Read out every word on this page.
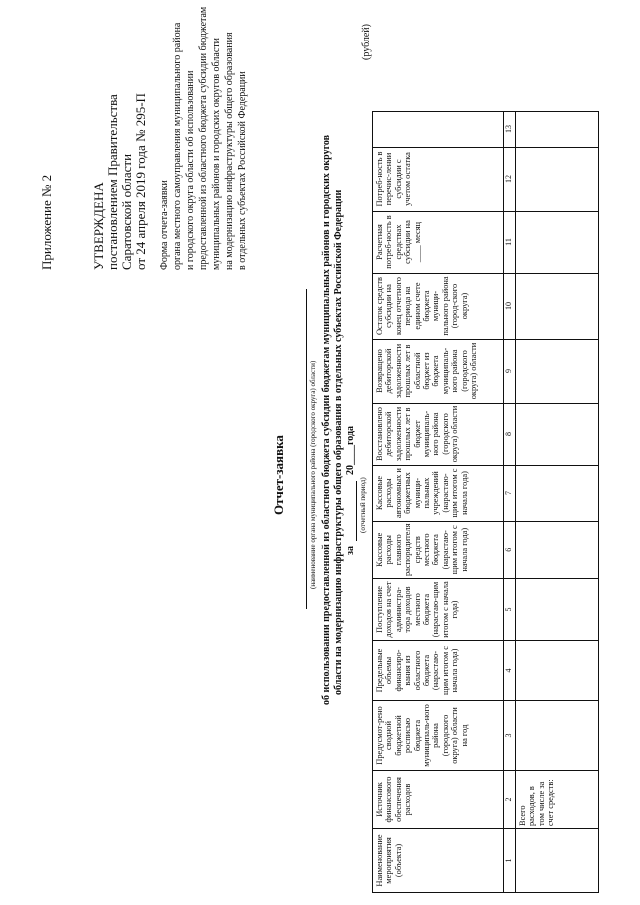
Приложение № 2	УТВЕРЖДЕНА постановлением Правительства Саратовской области от 24 апреля 2019 года № 295-П Форма отчета-заявки органа местного самоуправления муниципального района и городского округа области об использовании предоставленной из областного бюджета субсидии бюджетам муниципальных районов и городских округов области на модернизацию инфраструктуры общего образования в отдельных субъектах Российской Федерации
Отчет-заявка	(наименование органа муниципального района (городского округа) области) об использовании предоставленной из областного бюджета субсидии бюджетам муниципальных районов и городских округов области на модернизацию инфраструктуры общего образования в отдельных субъектах Российской Федерации за
20____года
(отчетный период)
(рублей)
Наименование мероприятия (объекта)	Источник финансового обеспечения расходов	Предусмот-рено сводной бюджетной росписью бюджета муниципаль-ного района (городского округа) области на год	Предельные объемы финансиро-вания из областного бюджета (нарастаю-щим итогом с начала года)	Поступление доходов на счет администра-тора доходов местного бюджета (нарастаю-щим итогом с начала года)	Кассовые расходы главного распорядителя средств местного бюджета (нарастаю-щим итогом с начала года)	Кассовые расходы автономных и бюджетных муници-пальных учреждений (нарастаю-щим итогом с начала года)	Восстановлено дебиторской задолженности прошлых лет в бюджет муниципаль-ного района (городского округа) области	Возвращено дебиторской задолженности прошлых лет в областной бюджет из бюджета муниципаль-ного района (городского округа) области	Остаток средств субсидии на конец отчетного периода на едином счете бюджета муници-пального района (город-ского округа)	Расчетная потреб-ность в средствах субсидии на ____ месяц	Потреб-ность в перечис-лении субсидии с учетом остатка	
1	2	3	4	5	6	7	8	9	10	11	12	13
	Всего расходов, в том числе за счет средств:											
